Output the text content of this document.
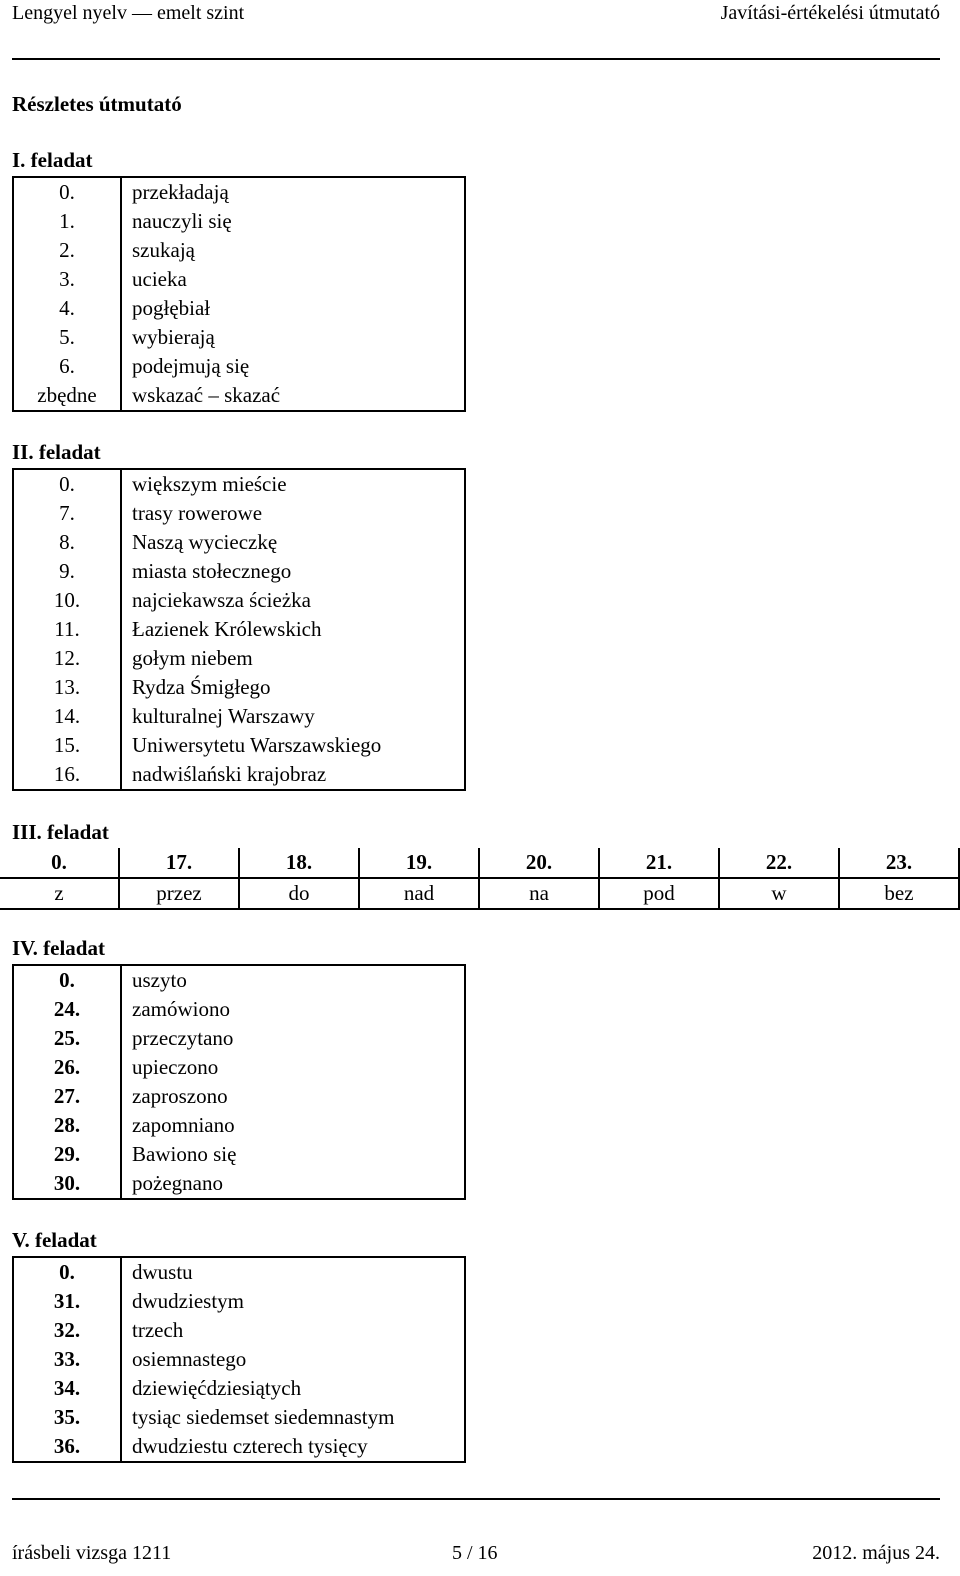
Lengyel nyelv — emelt szint	Javítási-értékelési útmutató
Részletes útmutató
I. feladat
0.	przekładają
1.	nauczyli się
2.	szukają
3.	ucieka
4.	pogłębiał
5.	wybierają
6.	podejmują się
zbędne	wskazać – skazać
II. feladat
0.	większym mieście
7.	trasy rowerowe
8.	Naszą wycieczkę
9.	miasta stołecznego
10.	najciekawsza ścieżka
11.	Łazienek Królewskich
12.	gołym niebem
13.	Rydza Śmigłego
14.	kulturalnej Warszawy
15.	Uniwersytetu Warszawskiego
16.	nadwiślański krajobraz
III. feladat
0.	17.	18.	19.	20.	21.	22.	23.
z	przez	do	nad	na	pod	w	bez
IV. feladat
0.	uszyto
24.	zamówiono
25.	przeczytano
26.	upieczono
27.	zaproszono
28.	zapomniano
29.	Bawiono się
30.	pożegnano
V. feladat
0.	dwustu
31.	dwudziestym
32.	trzech
33.	osiemnastego
34.	dziewięćdziesiątych
35.	tysiąc siedemset siedemnastym
36.	dwudziestu czterech tysięcy
írásbeli vizsga 1211	5 / 16	2012. május 24.
